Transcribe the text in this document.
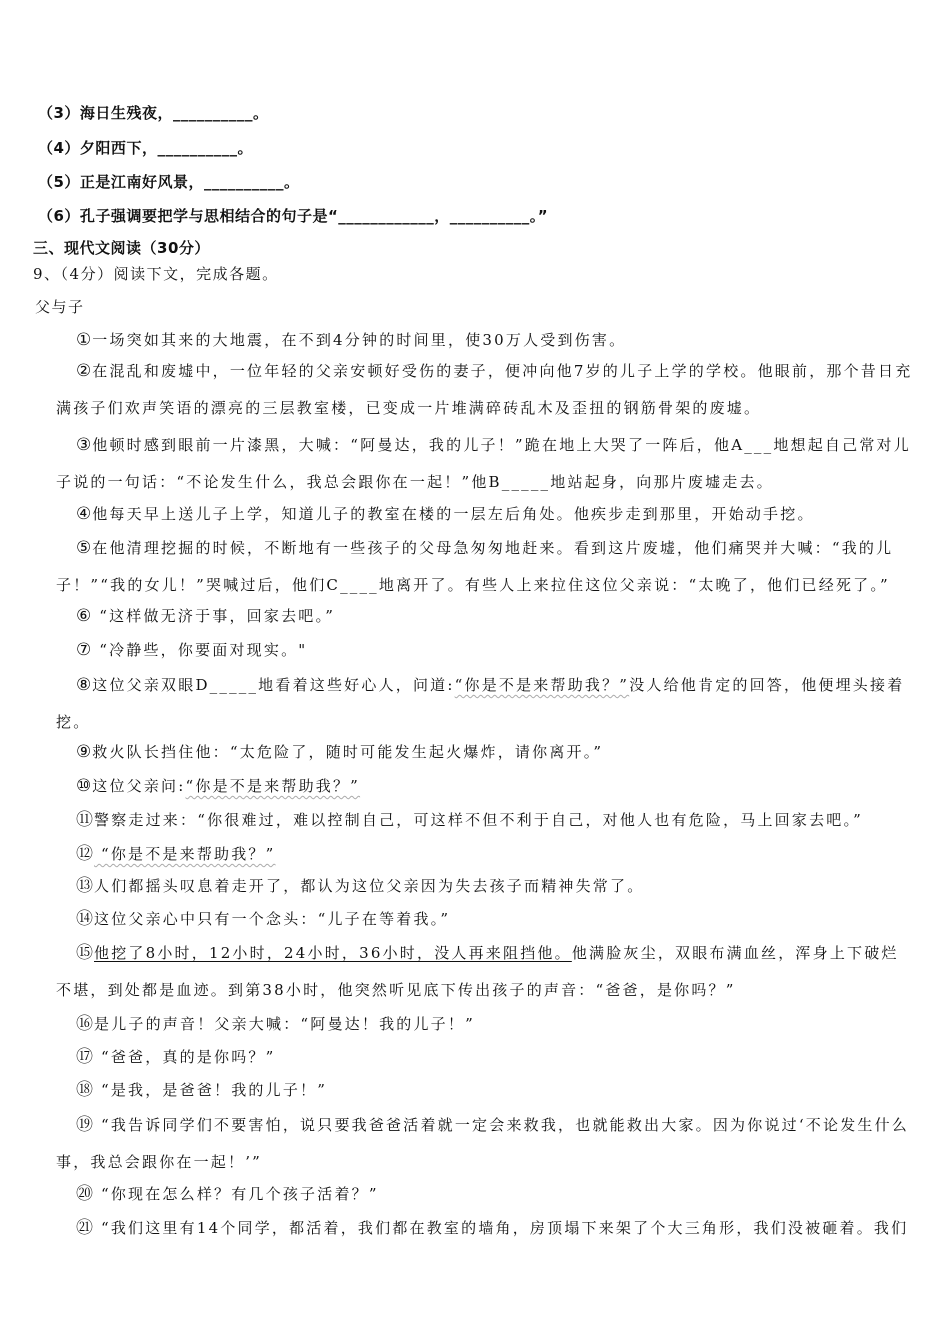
（3）海日生残夜，__________。
（4）夕阳西下，__________。
（5）正是江南好风景，__________。
（6）孔子强调要把学与思相结合的句子是“____________，__________。”
三、现代文阅读（30分）
9、（4分）阅读下文，完成各题。
父与子
①一场突如其来的大地震，在不到4分钟的时间里，使30万人受到伤害。
②在混乱和废墟中，一位年轻的父亲安顿好受伤的妻子，便冲向他7岁的儿子上学的学校。他眼前，那个昔日充满孩子们欢声笑语的漂亮的三层教室楼，已变成一片堆满碎砖乱木及歪扭的钢筋骨架的废墟。
③他顿时感到眼前一片漆黑，大喊：“阿曼达，我的儿子！”跪在地上大哭了一阵后，他A___地想起自己常对儿子说的一句话：“不论发生什么，我总会跟你在一起！”他B_____地站起身，向那片废墟走去。
④他每天早上送儿子上学，知道儿子的教室在楼的一层左后角处。他疾步走到那里，开始动手挖。
⑤在他清理挖掘的时候，不断地有一些孩子的父母急匆匆地赶来。看到这片废墟，他们痛哭并大喊：“我的儿子！”“我的女儿！”哭喊过后，他们C____地离开了。有些人上来拉住这位父亲说：“太晚了，他们已经死了。”
⑥ “这样做无济于事，回家去吧。”
⑦ “冷静些，你要面对现实。"
⑧这位父亲双眼D_____地看着这些好心人，问道:“你是不是来帮助我？”没人给他肯定的回答，他便埋头接着挖。
⑨救火队长挡住他：“太危险了，随时可能发生起火爆炸，请你离开。”
⑩这位父亲问:“你是不是来帮助我？”
⑪警察走过来：“你很难过，难以控制自己，可这样不但不利于自己，对他人也有危险，马上回家去吧。”
⑫ “你是不是来帮助我？”
⑬人们都摇头叹息着走开了，都认为这位父亲因为失去孩子而精神失常了。
⑭这位父亲心中只有一个念头：“儿子在等着我。”
⑮他挖了8小时，12小时，24小时，36小时，没人再来阻挡他。他满脸灰尘，双眼布满血丝，浑身上下破烂不堪，到处都是血迹。到第38小时，他突然听见底下传出孩子的声音：“爸爸，是你吗？”
⑯是儿子的声音！父亲大喊：“阿曼达！我的儿子！”
⑰ “爸爸，真的是你吗？”
⑱ “是我，是爸爸！我的儿子！”
⑲ “我告诉同学们不要害怕，说只要我爸爸活着就一定会来救我，也就能救出大家。因为你说过‘不论发生什么事，我总会跟你在一起！’”
⑳ “你现在怎么样？有几个孩子活着？”
㉑ “我们这里有14个同学，都活着，我们都在教室的墙角，房顶塌下来架了个大三角形，我们没被砸着。我们
